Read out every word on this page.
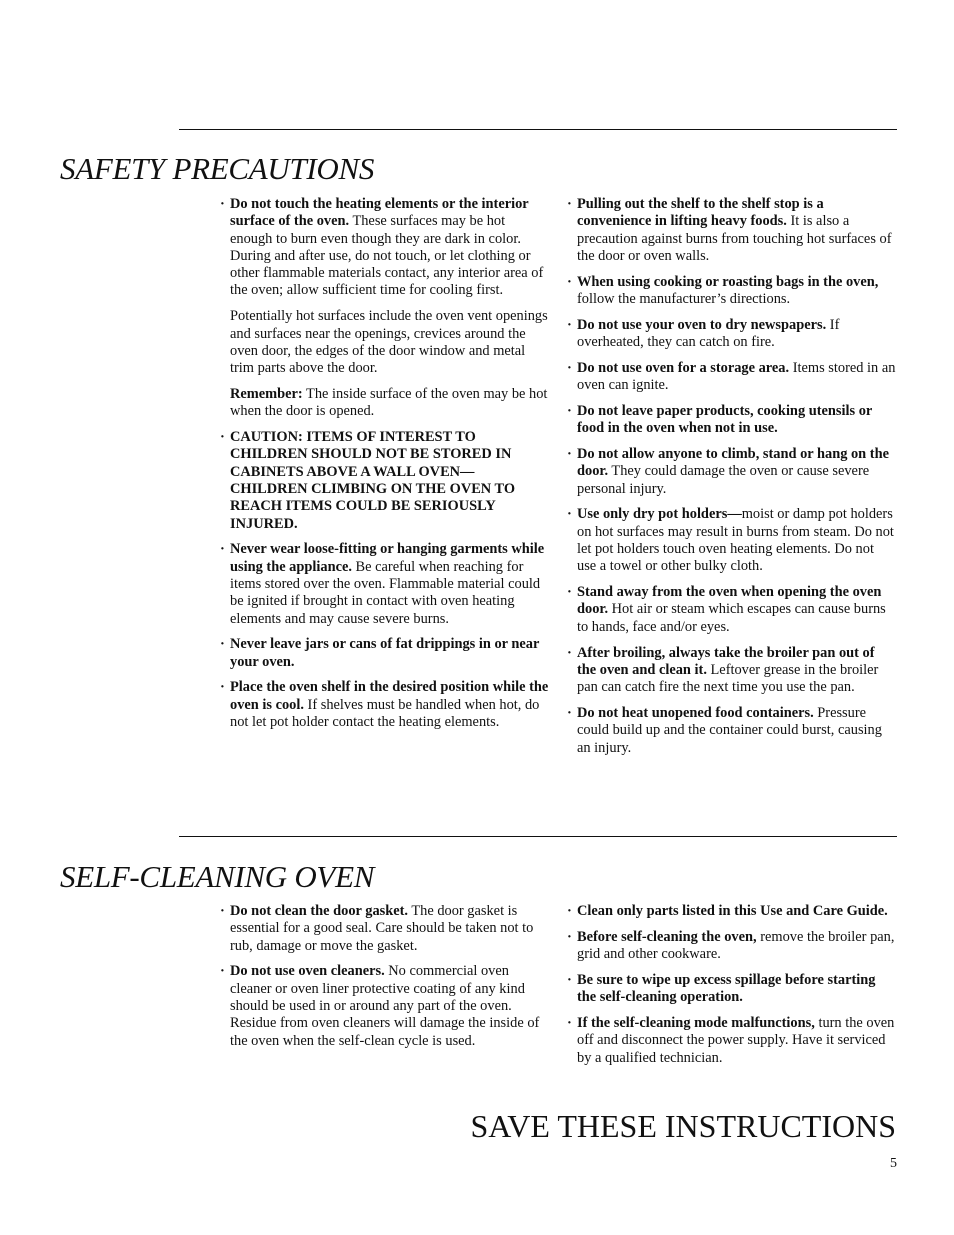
SAFETY PRECAUTIONS

· Do not touch the heating elements or the interior surface of the oven. These surfaces may be hot enough to burn even though they are dark in color. During and after use, do not touch, or let clothing or other flammable materials contact, any interior area of the oven; allow sufficient time for cooling first.

Potentially hot surfaces include the oven vent openings and surfaces near the openings, crevices around the oven door, the edges of the door window and metal trim parts above the door.

Remember: The inside surface of the oven may be hot when the door is opened.

· CAUTION: ITEMS OF INTEREST TO CHILDREN SHOULD NOT BE STORED IN CABINETS ABOVE A WALL OVEN—CHILDREN CLIMBING ON THE OVEN TO REACH ITEMS COULD BE SERIOUSLY INJURED.

· Never wear loose-fitting or hanging garments while using the appliance. Be careful when reaching for items stored over the oven. Flammable material could be ignited if brought in contact with oven heating elements and may cause severe burns.

· Never leave jars or cans of fat drippings in or near your oven.

· Place the oven shelf in the desired position while the oven is cool. If shelves must be handled when hot, do not let pot holder contact the heating elements.

· Pulling out the shelf to the shelf stop is a convenience in lifting heavy foods. It is also a precaution against burns from touching hot surfaces of the door or oven walls.

· When using cooking or roasting bags in the oven, follow the manufacturer’s directions.

· Do not use your oven to dry newspapers. If overheated, they can catch on fire.

· Do not use oven for a storage area. Items stored in an oven can ignite.

· Do not leave paper products, cooking utensils or food in the oven when not in use.

· Do not allow anyone to climb, stand or hang on the door. They could damage the oven or cause severe personal injury.

· Use only dry pot holders—moist or damp pot holders on hot surfaces may result in burns from steam. Do not let pot holders touch oven heating elements. Do not use a towel or other bulky cloth.

· Stand away from the oven when opening the oven door. Hot air or steam which escapes can cause burns to hands, face and/or eyes.

· After broiling, always take the broiler pan out of the oven and clean it. Leftover grease in the broiler pan can catch fire the next time you use the pan.

· Do not heat unopened food containers. Pressure could build up and the container could burst, causing an injury.

SELF-CLEANING OVEN

· Do not clean the door gasket. The door gasket is essential for a good seal. Care should be taken not to rub, damage or move the gasket.

· Do not use oven cleaners. No commercial oven cleaner or oven liner protective coating of any kind should be used in or around any part of the oven. Residue from oven cleaners will damage the inside of the oven when the self-clean cycle is used.

· Clean only parts listed in this Use and Care Guide.

· Before self-cleaning the oven, remove the broiler pan, grid and other cookware.

· Be sure to wipe up excess spillage before starting the self-cleaning operation.

· If the self-cleaning mode malfunctions, turn the oven off and disconnect the power supply. Have it serviced by a qualified technician.

SAVE THESE INSTRUCTIONS
5
